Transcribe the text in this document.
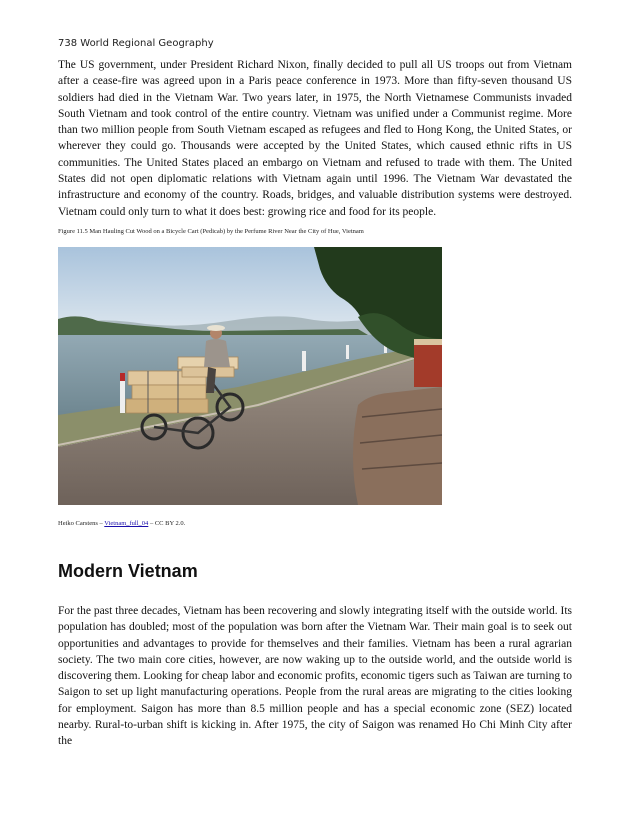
738 World Regional Geography

The US government, under President Richard Nixon, finally decided to pull all US troops out from Vietnam after a cease-fire was agreed upon in a Paris peace conference in 1973. More than fifty-seven thousand US soldiers had died in the Vietnam War. Two years later, in 1975, the North Vietnamese Communists invaded South Vietnam and took control of the entire country. Vietnam was unified under a Communist regime. More than two million people from South Vietnam escaped as refugees and fled to Hong Kong, the United States, or wherever they could go. Thousands were accepted by the United States, which caused ethnic rifts in US communities. The United States placed an embargo on Vietnam and refused to trade with them. The United States did not open diplomatic relations with Vietnam again until 1996. The Vietnam War devastated the infrastructure and economy of the country. Roads, bridges, and valuable distribution systems were destroyed. Vietnam could only turn to what it does best: growing rice and food for its people.

Figure 11.5 Man Hauling Cut Wood on a Bicycle Cart (Pedicab) by the Perfume River Near the City of Hue, Vietnam
Heiko Carstens – Vietnam_full_04 – CC BY 2.0.
Modern Vietnam

For the past three decades, Vietnam has been recovering and slowly integrating itself with the outside world. Its population has doubled; most of the population was born after the Vietnam War. Their main goal is to seek out opportunities and advantages to provide for themselves and their families. Vietnam has been a rural agrarian society. The two main core cities, however, are now waking up to the outside world, and the outside world is discovering them. Looking for cheap labor and economic profits, economic tigers such as Taiwan are turning to Saigon to set up light manufacturing operations. People from the rural areas are migrating to the cities looking for employment. Saigon has more than 8.5 million people and has a special economic zone (SEZ) located nearby. Rural-to-urban shift is kicking in. After 1975, the city of Saigon was renamed Ho Chi Minh City after the
